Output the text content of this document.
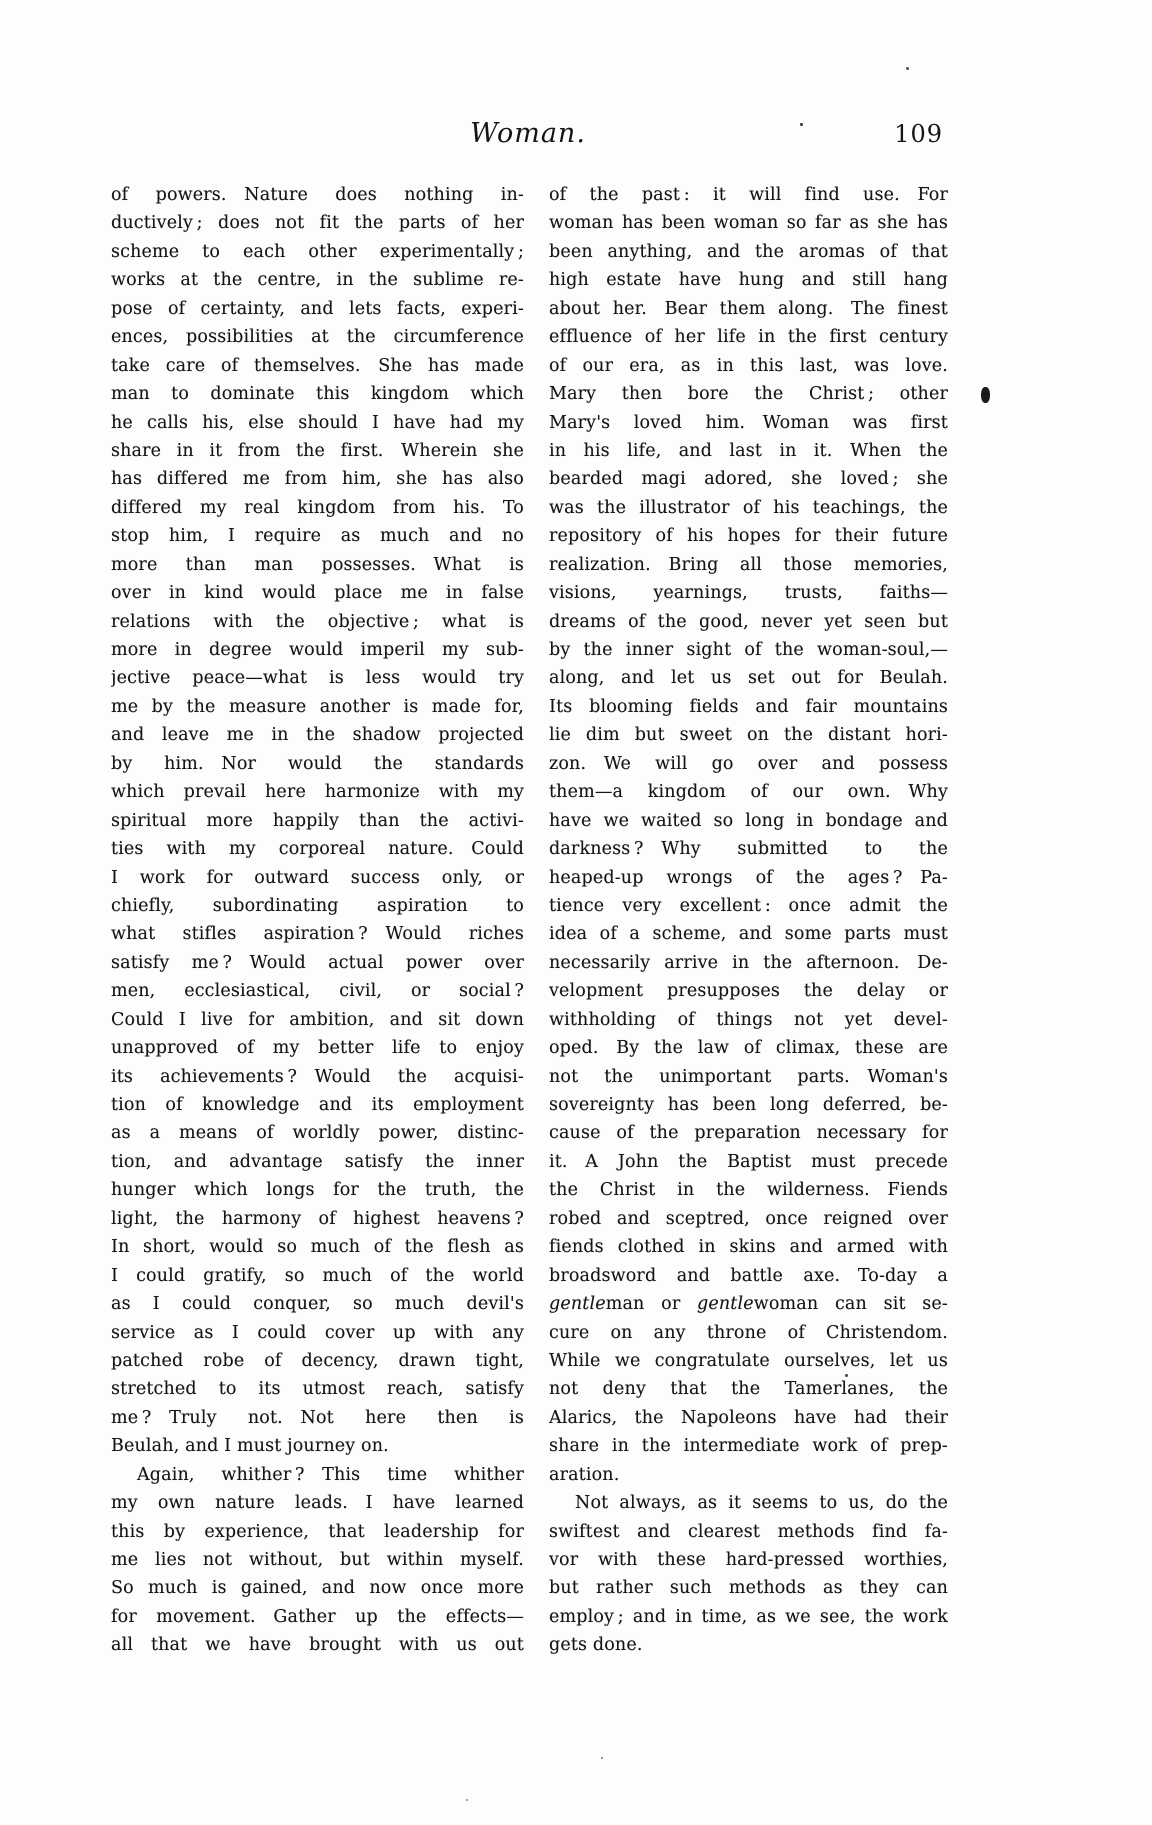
Woman.	109
of powers. Nature does nothing in-
ductively ; does not fit the parts of her
scheme to each other experimentally ;
works at the centre, in the sublime re-
pose of certainty, and lets facts, experi-
ences, possibilities at the circumference
take care of themselves. She has made
man to dominate this kingdom which
he calls his, else should I have had my
share in it from the first. Wherein she
has differed me from him, she has also
differed my real kingdom from his. To
stop him, I require as much and no
more than man possesses. What is
over in kind would place me in false
relations with the objective ; what is
more in degree would imperil my sub-
jective peace—what is less would try
me by the measure another is made for,
and leave me in the shadow projected
by him. Nor would the standards
which prevail here harmonize with my
spiritual more happily than the activi-
ties with my corporeal nature. Could
I work for outward success only, or
chiefly, subordinating aspiration to
what stifles aspiration ? Would riches
satisfy me ? Would actual power over
men, ecclesiastical, civil, or social ?
Could I live for ambition, and sit down
unapproved of my better life to enjoy
its achievements ? Would the acquisi-
tion of knowledge and its employment
as a means of worldly power, distinc-
tion, and advantage satisfy the inner
hunger which longs for the truth, the
light, the harmony of highest heavens ?
In short, would so much of the flesh as
I could gratify, so much of the world
as I could conquer, so much devil's
service as I could cover up with any
patched robe of decency, drawn tight,
stretched to its utmost reach, satisfy
me ? Truly not. Not here then is
Beulah, and I must journey on.
Again, whither ? This time whither
my own nature leads. I have learned
this by experience, that leadership for
me lies not without, but within myself.
So much is gained, and now once more
for movement. Gather up the effects—
all that we have brought with us out
of the past : it will find use. For
woman has been woman so far as she has
been anything, and the aromas of that
high estate have hung and still hang
about her. Bear them along. The finest
effluence of her life in the first century
of our era, as in this last, was love.
Mary then bore the Christ ; other
Mary's loved him. Woman was first
in his life, and last in it. When the
bearded magi adored, she loved ; she
was the illustrator of his teachings, the
repository of his hopes for their future
realization. Bring all those memories,
visions, yearnings, trusts, faiths—
dreams of the good, never yet seen but
by the inner sight of the woman-soul,—
along, and let us set out for Beulah.
Its blooming fields and fair mountains
lie dim but sweet on the distant hori-
zon. We will go over and possess
them—a kingdom of our own. Why
have we waited so long in bondage and
darkness ? Why submitted to the
heaped-up wrongs of the ages ? Pa-
tience very excellent : once admit the
idea of a scheme, and some parts must
necessarily arrive in the afternoon. De-
velopment presupposes the delay or
withholding of things not yet devel-
oped. By the law of climax, these are
not the unimportant parts. Woman's
sovereignty has been long deferred, be-
cause of the preparation necessary for
it. A John the Baptist must precede
the Christ in the wilderness. Fiends
robed and sceptred, once reigned over
fiends clothed in skins and armed with
broadsword and battle axe. To-day a
gentleman or gentlewoman can sit se-
cure on any throne of Christendom.
While we congratulate ourselves, let us
not deny that the Tamerlanes, the
Alarics, the Napoleons have had their
share in the intermediate work of prep-
aration.
Not always, as it seems to us, do the
swiftest and clearest methods find fa-
vor with these hard-pressed worthies,
but rather such methods as they can
employ ; and in time, as we see, the work
gets done.
